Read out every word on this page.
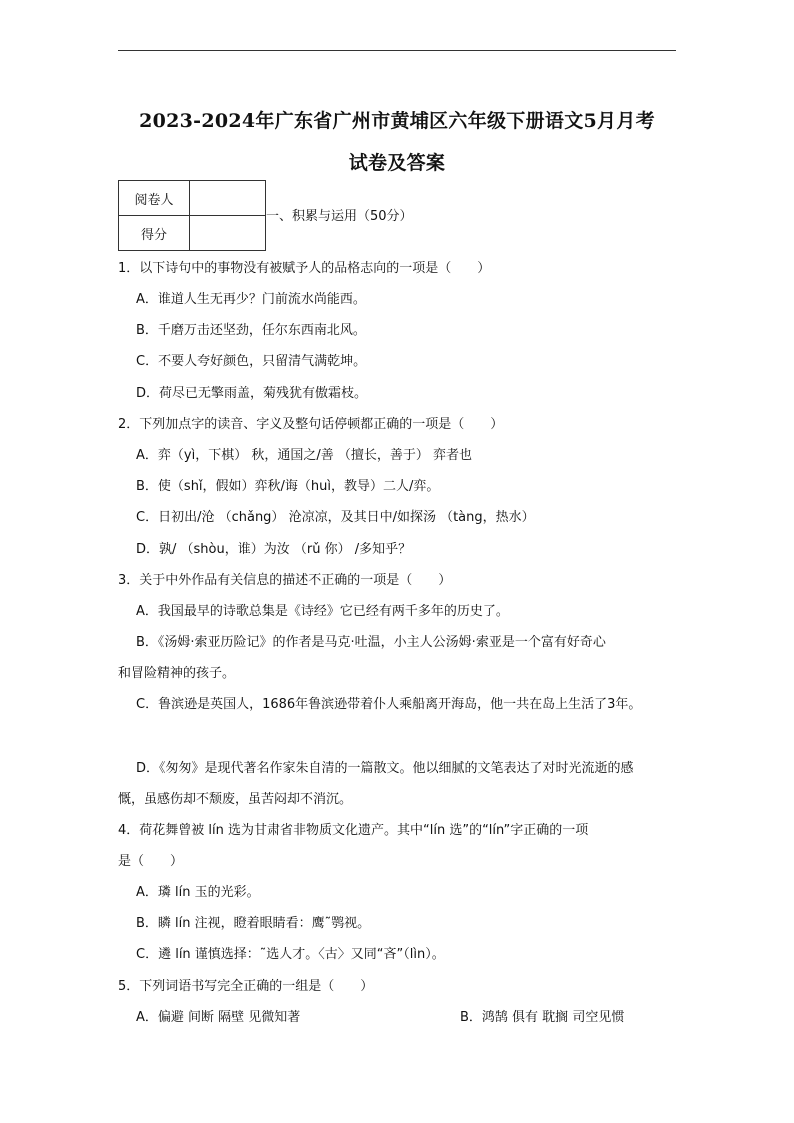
2023-2024年广东省广州市黄埔区六年级下册语文5月月考
试卷及答案
阅卷人	
得分	
一、积累与运用（50分）
1．以下诗句中的事物没有被赋予人的品格志向的一项是（　　）
A．谁道人生无再少？门前流水尚能西。
B．千磨万击还坚劲，任尔东西南北风。
C．不要人夸好颜色，只留清气满乾坤。
D．荷尽已无擎雨盖，菊残犹有傲霜枝。
2．下列加点字的读音、字义及整句话停顿都正确的一项是（　　）
A．弈（yì，下棋） 秋，通国之/善 （擅长，善于） 弈者也
B．使（shǐ，假如）弈秋/诲（huì，教导）二人/弈。
C．日初出/沧 （chǎng） 沧凉凉，及其日中/如探汤 （tàng，热水）
D．孰/ （shòu，谁）为汝 （rǔ 你） /多知乎？
3．关于中外作品有关信息的描述不正确的一项是（　　）
A．我国最早的诗歌总集是《诗经》它已经有两千多年的历史了。
B．《汤姆·索亚历险记》的作者是马克·吐温，小主人公汤姆·索亚是一个富有好奇心
和冒险精神的孩子。
C．鲁滨逊是英国人，1686年鲁滨逊带着仆人乘船离开海岛，他一共在岛上生活了3年。
D．《匆匆》是现代著名作家朱自清的一篇散文。他以细腻的文笔表达了对时光流逝的感
慨，虽感伤却不颓废，虽苦闷却不消沉。
4．荷花舞曾被 lín 选为甘肃省非物质文化遗产。其中“lín 选”的“lín”字正确的一项
是（　　）
A．璘 lín 玉的光彩。
B．瞵 lín 注视，瞪着眼睛看：鹰˜鹗视。
C．遴 lín 谨慎选择：˜选人才。〈古〉又同“吝”（lìn）。
5．下列词语书写完全正确的一组是（　　）
A．偏避 间断 隔壁 见微知著	B．鸿鹄 俱有 耽搁 司空见惯
